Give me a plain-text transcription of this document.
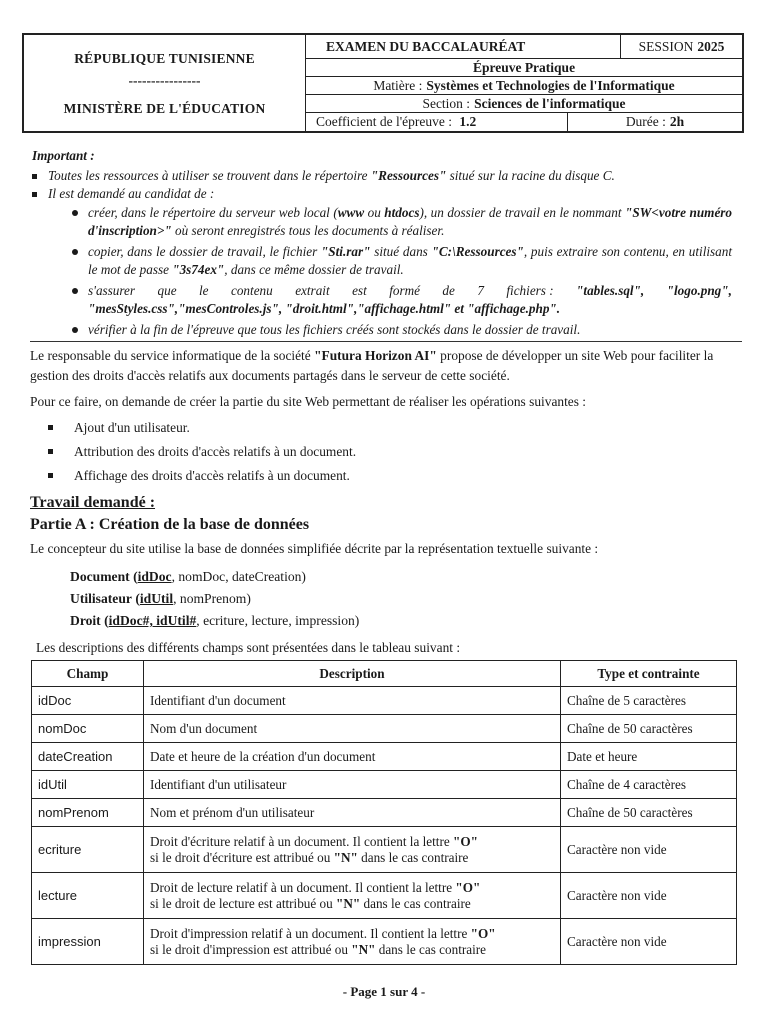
RÉPUBLIQUE TUNISIENNE
----------------
MINISTÈRE DE L'ÉDUCATION
EXAMEN DU BACCALAURÉAT	SESSION 2025
Épreuve Pratique
Matière : Systèmes et Technologies de l'Informatique
Section : Sciences de l'informatique
Coefficient de l'épreuve : 1.2	Durée : 2h
Important :
Toutes les ressources à utiliser se trouvent dans le répertoire "Ressources" situé sur la racine du disque C.
Il est demandé au candidat de :
créer, dans le répertoire du serveur web local (www ou htdocs), un dossier de travail en le nommant "SW<votre numéro d'inscription>" où seront enregistrés tous les documents à réaliser.
copier, dans le dossier de travail, le fichier "Sti.rar" situé dans "C:\Ressources", puis extraire son contenu, en utilisant le mot de passe "3s74ex", dans ce même dossier de travail.
s'assurer que le contenu extrait est formé de 7 fichiers : "tables.sql", "logo.png",
"mesStyles.css","mesControles.js", "droit.html","affichage.html" et "affichage.php".
vérifier à la fin de l'épreuve que tous les fichiers créés sont stockés dans le dossier de travail.

Le responsable du service informatique de la société "Futura Horizon AI" propose de développer un site Web pour faciliter la gestion des droits d'accès relatifs aux documents partagés dans le serveur de cette société.

Pour ce faire, on demande de créer la partie du site Web permettant de réaliser les opérations suivantes :

Ajout d'un utilisateur.
Attribution des droits d'accès relatifs à un document.
Affichage des droits d'accès relatifs à un document.
Travail demandé :
Partie A : Création de la base de données
Le concepteur du site utilise la base de données simplifiée décrite par la représentation textuelle suivante :
Document (idDoc, nomDoc, dateCreation)
Utilisateur (idUtil, nomPrenom)
Droit (idDoc#, idUtil#, ecriture, lecture, impression)
Les descriptions des différents champs sont présentées dans le tableau suivant :
Champ	Description	Type et contrainte
idDoc	Identifiant d'un document	Chaîne de 5 caractères
nomDoc	Nom d'un document	Chaîne de 50 caractères
dateCreation	Date et heure de la création d'un document	Date et heure
idUtil	Identifiant d'un utilisateur	Chaîne de 4 caractères
nomPrenom	Nom et prénom d'un utilisateur	Chaîne de 50 caractères
ecriture	Droit d'écriture relatif à un document. Il contient la lettre "O"
si le droit d'écriture est attribué ou "N" dans le cas contraire	Caractère non vide
lecture	Droit de lecture relatif à un document. Il contient la lettre "O"
si le droit de lecture est attribué ou "N" dans le cas contraire	Caractère non vide
impression	Droit d'impression relatif à un document. Il contient la lettre "O"
si le droit d'impression est attribué ou "N" dans le cas contraire	Caractère non vide
- Page 1 sur 4 -
